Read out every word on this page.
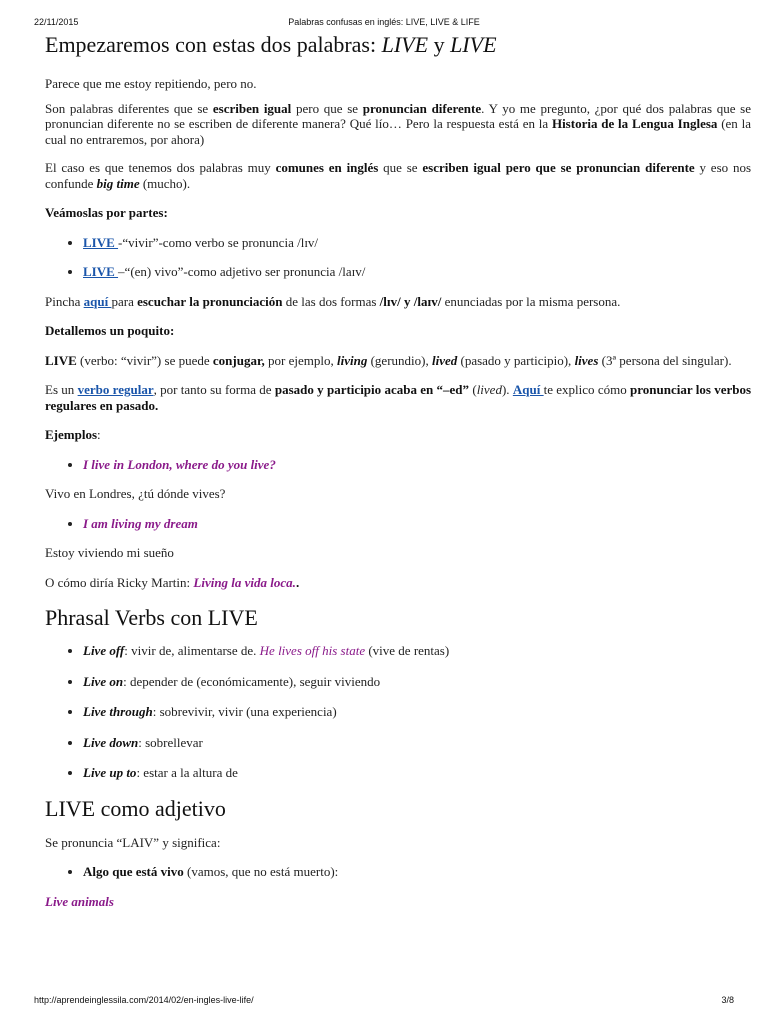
22/11/2015	Palabras confusas en inglés: LIVE, LIVE & LIFE
Empezaremos con estas dos palabras: LIVE y LIVE

Parece que me estoy repitiendo, pero no.

Son palabras diferentes que se escriben igual pero que se pronuncian diferente. Y yo me pregunto, ¿por qué dos palabras que se pronuncian diferente no se escriben de diferente manera? Qué lío… Pero la respuesta está en la Historia de la Lengua Inglesa (en la cual no entraremos, por ahora)

El caso es que tenemos dos palabras muy comunes en inglés que se escriben igual pero que se pronuncian diferente y eso nos confunde big time (mucho).

Veámoslas por partes:

LIVE -“vivir”-como verbo se pronuncia /lɪv/
LIVE –“(en) vivo”-como adjetivo ser pronuncia /laɪv/

Pincha aquí para escuchar la pronunciación de las dos formas /lɪv/ y /laɪv/ enunciadas por la misma persona.

Detallemos un poquito:

LIVE (verbo: “vivir”) se puede conjugar, por ejemplo, living (gerundio), lived (pasado y participio), lives (3ª persona del singular).

Es un verbo regular, por tanto su forma de pasado y participio acaba en “–ed” (lived). Aquí te explico cómo pronunciar los verbos regulares en pasado.

Ejemplos:

I live in London, where do you live?

Vivo en Londres, ¿tú dónde vives?

I am living my dream

Estoy viviendo mi sueño

O cómo diría Ricky Martin: Living la vida loca..

Phrasal Verbs con LIVE
Live off: vivir de, alimentarse de. He lives off his state (vive de rentas)
Live on: depender de (económicamente), seguir viviendo
Live through: sobrevivir, vivir (una experiencia)
Live down: sobrellevar
Live up to: estar a la altura de
LIVE como adjetivo

Se pronuncia “LAIV” y significa:

Algo que está vivo (vamos, que no está muerto):

Live animals

http://aprendeinglessila.com/2014/02/en-ingles-live-life/	3/8
